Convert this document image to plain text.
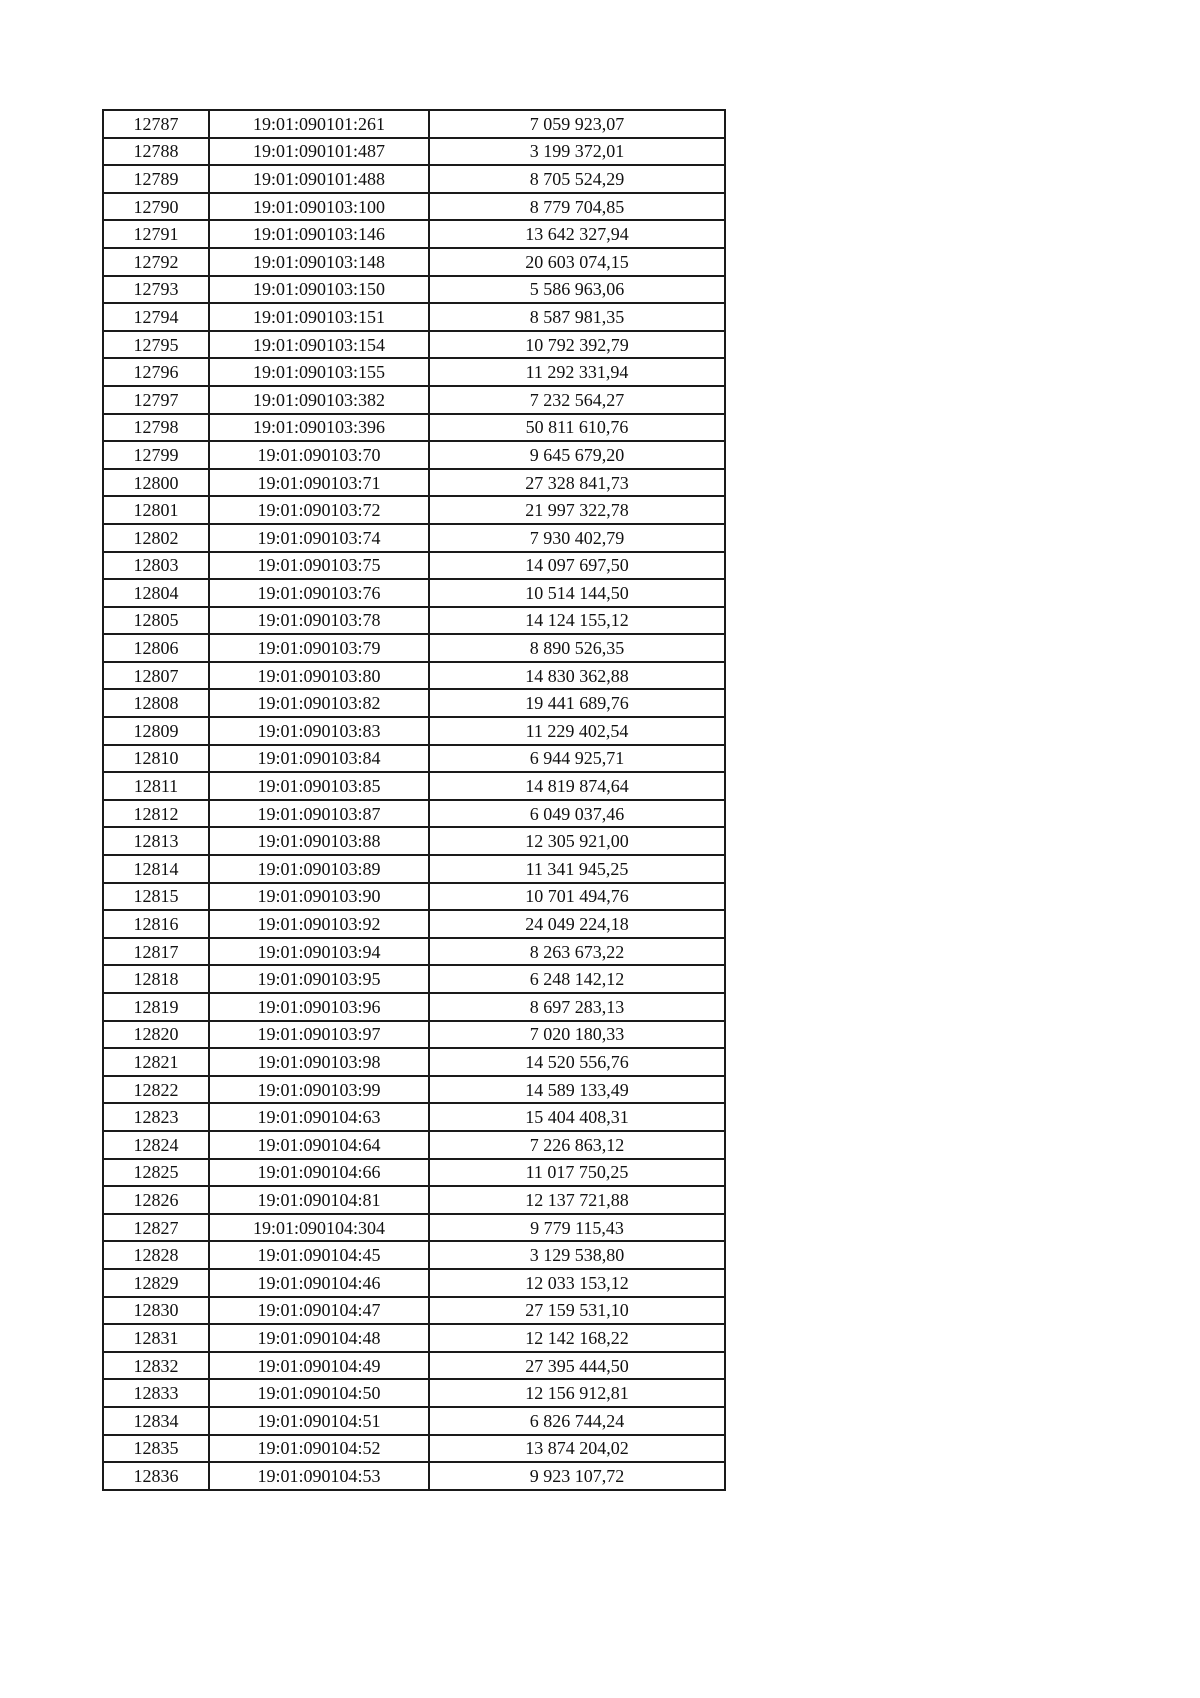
12787	19:01:090101:261	7 059 923,07
12788	19:01:090101:487	3 199 372,01
12789	19:01:090101:488	8 705 524,29
12790	19:01:090103:100	8 779 704,85
12791	19:01:090103:146	13 642 327,94
12792	19:01:090103:148	20 603 074,15
12793	19:01:090103:150	5 586 963,06
12794	19:01:090103:151	8 587 981,35
12795	19:01:090103:154	10 792 392,79
12796	19:01:090103:155	11 292 331,94
12797	19:01:090103:382	7 232 564,27
12798	19:01:090103:396	50 811 610,76
12799	19:01:090103:70	9 645 679,20
12800	19:01:090103:71	27 328 841,73
12801	19:01:090103:72	21 997 322,78
12802	19:01:090103:74	7 930 402,79
12803	19:01:090103:75	14 097 697,50
12804	19:01:090103:76	10 514 144,50
12805	19:01:090103:78	14 124 155,12
12806	19:01:090103:79	8 890 526,35
12807	19:01:090103:80	14 830 362,88
12808	19:01:090103:82	19 441 689,76
12809	19:01:090103:83	11 229 402,54
12810	19:01:090103:84	6 944 925,71
12811	19:01:090103:85	14 819 874,64
12812	19:01:090103:87	6 049 037,46
12813	19:01:090103:88	12 305 921,00
12814	19:01:090103:89	11 341 945,25
12815	19:01:090103:90	10 701 494,76
12816	19:01:090103:92	24 049 224,18
12817	19:01:090103:94	8 263 673,22
12818	19:01:090103:95	6 248 142,12
12819	19:01:090103:96	8 697 283,13
12820	19:01:090103:97	7 020 180,33
12821	19:01:090103:98	14 520 556,76
12822	19:01:090103:99	14 589 133,49
12823	19:01:090104:63	15 404 408,31
12824	19:01:090104:64	7 226 863,12
12825	19:01:090104:66	11 017 750,25
12826	19:01:090104:81	12 137 721,88
12827	19:01:090104:304	9 779 115,43
12828	19:01:090104:45	3 129 538,80
12829	19:01:090104:46	12 033 153,12
12830	19:01:090104:47	27 159 531,10
12831	19:01:090104:48	12 142 168,22
12832	19:01:090104:49	27 395 444,50
12833	19:01:090104:50	12 156 912,81
12834	19:01:090104:51	6 826 744,24
12835	19:01:090104:52	13 874 204,02
12836	19:01:090104:53	9 923 107,72
